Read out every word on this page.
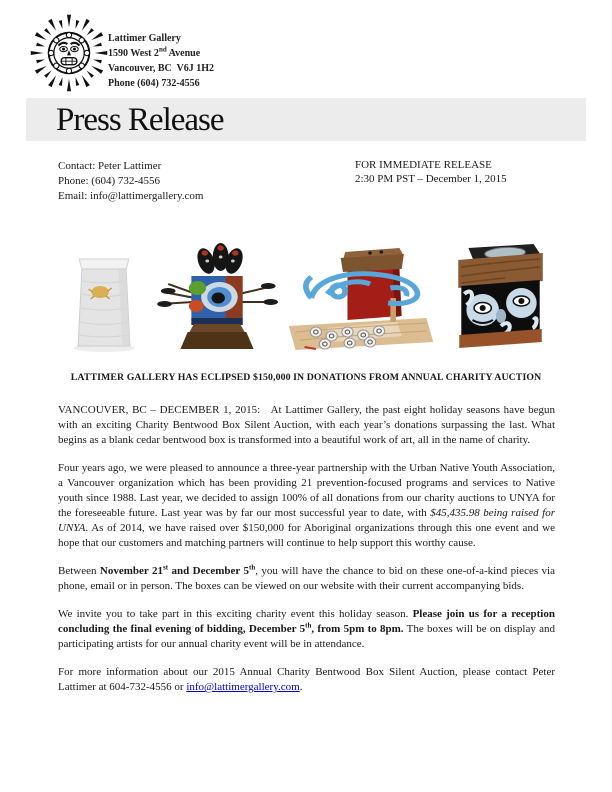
Lattimer Gallery
1590 West 2nd Avenue
Vancouver, BC  V6J 1H2
Phone (604) 732-4556
Press Release
Contact: Peter Lattimer
Phone: (604) 732-4556
Email: info@lattimergallery.com
FOR IMMEDIATE RELEASE
2:30 PM PST – December 1, 2015
LATTIMER GALLERY HAS ECLIPSED $150,000 IN DONATIONS FROM ANNUAL CHARITY AUCTION

VANCOUVER, BC – DECEMBER 1, 2015:   At Lattimer Gallery, the past eight holiday seasons have begun with an exciting Charity Bentwood Box Silent Auction, with each year’s donations surpassing the last. What begins as a blank cedar bentwood box is transformed into a beautiful work of art, all in the name of charity.

Four years ago, we were pleased to announce a three-year partnership with the Urban Native Youth Association, a Vancouver organization which has been providing 21 prevention-focused programs and services to Native youth since 1988. Last year, we decided to assign 100% of all donations from our charity auctions to UNYA for the foreseeable future. Last year was by far our most successful year to date, with $45,435.98 being raised for UNYA. As of 2014, we have raised over $150,000 for Aboriginal organizations through this one event and we hope that our customers and matching partners will continue to help support this worthy cause.

Between November 21st and December 5th, you will have the chance to bid on these one-of-a-kind pieces via phone, email or in person. The boxes can be viewed on our website with their current accompanying bids.

We invite you to take part in this exciting charity event this holiday season. Please join us for a reception concluding the final evening of bidding, December 5th, from 5pm to 8pm. The boxes will be on display and participating artists for our annual charity event will be in attendance.

For more information about our 2015 Annual Charity Bentwood Box Silent Auction, please contact Peter Lattimer at 604-732-4556 or info@lattimergallery.com.
